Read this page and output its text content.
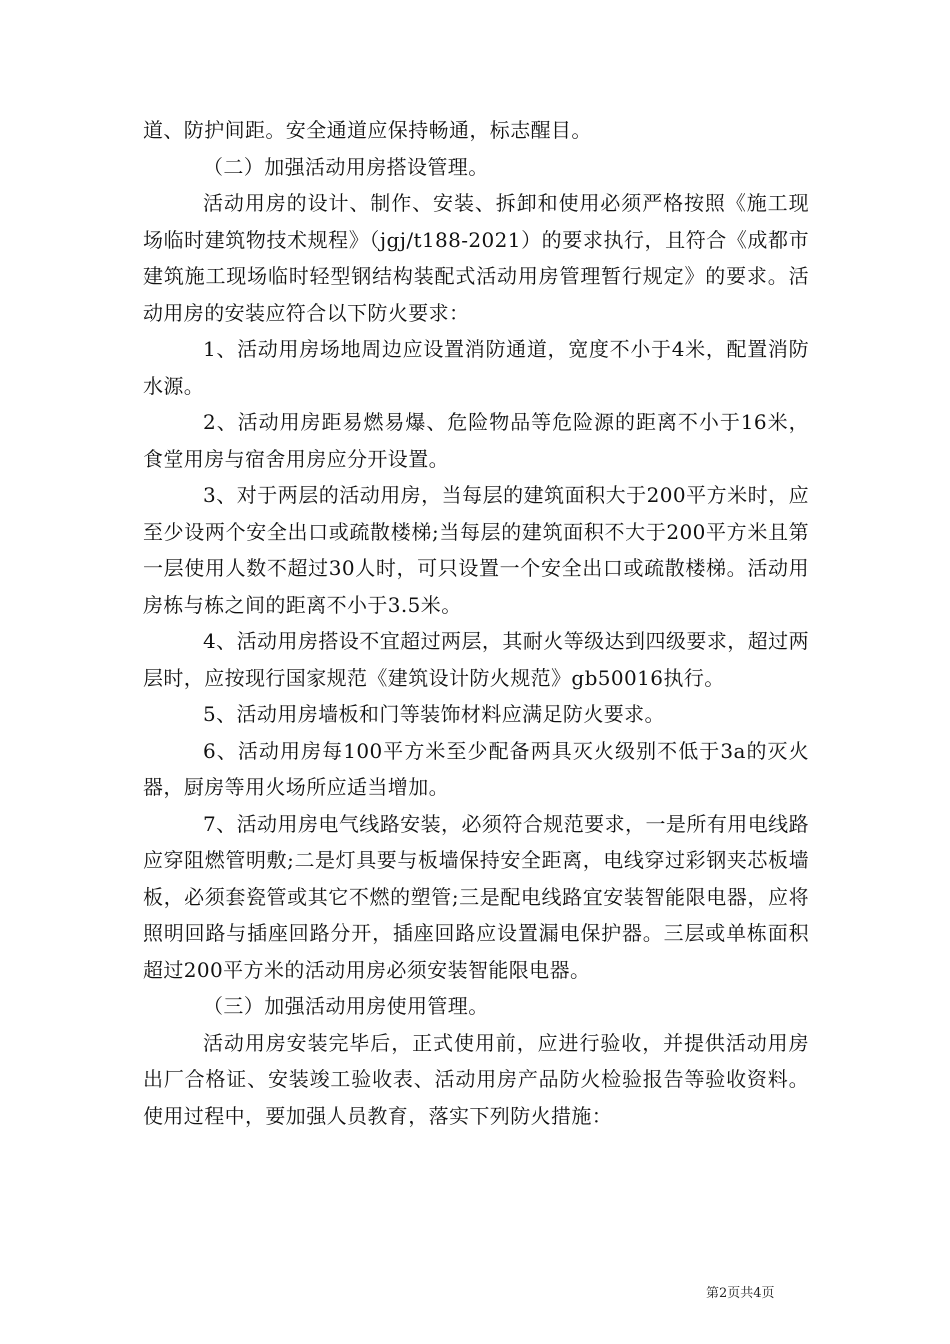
道、防护间距。安全通道应保持畅通，标志醒目。

（二）加强活动用房搭设管理。

活动用房的设计、制作、安装、拆卸和使用必须严格按照《施工现场临时建筑物技术规程》（jgj/t188-2021）的要求执行，且符合《成都市建筑施工现场临时轻型钢结构装配式活动用房管理暂行规定》的要求。活动用房的安装应符合以下防火要求：

1、活动用房场地周边应设置消防通道，宽度不小于4米，配置消防水源。

2、活动用房距易燃易爆、危险物品等危险源的距离不小于16米，食堂用房与宿舍用房应分开设置。

3、对于两层的活动用房，当每层的建筑面积大于200平方米时，应至少设两个安全出口或疏散楼梯;当每层的建筑面积不大于200平方米且第一层使用人数不超过30人时，可只设置一个安全出口或疏散楼梯。活动用房栋与栋之间的距离不小于3.5米。

4、活动用房搭设不宜超过两层，其耐火等级达到四级要求，超过两层时，应按现行国家规范《建筑设计防火规范》gb50016执行。

5、活动用房墙板和门等装饰材料应满足防火要求。

6、活动用房每100平方米至少配备两具灭火级别不低于3a的灭火器，厨房等用火场所应适当增加。

7、活动用房电气线路安装，必须符合规范要求，一是所有用电线路应穿阻燃管明敷;二是灯具要与板墙保持安全距离，电线穿过彩钢夹芯板墙板，必须套瓷管或其它不燃的塑管;三是配电线路宜安装智能限电器，应将照明回路与插座回路分开，插座回路应设置漏电保护器。三层或单栋面积超过200平方米的活动用房必须安装智能限电器。

（三）加强活动用房使用管理。

活动用房安装完毕后，正式使用前，应进行验收，并提供活动用房出厂合格证、安装竣工验收表、活动用房产品防火检验报告等验收资料。使用过程中，要加强人员教育，落实下列防火措施：

第2页共4页
